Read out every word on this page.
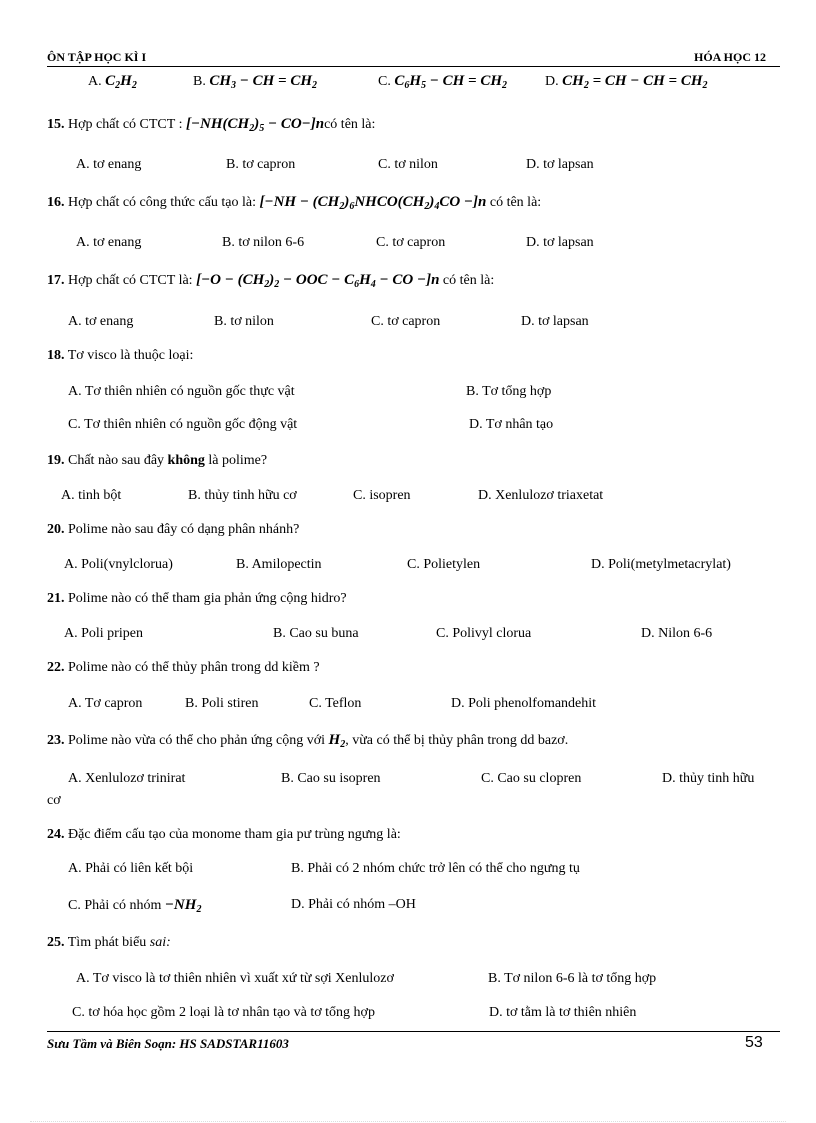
ÔN TẬP HỌC KÌ I	HÓA HỌC 12
A. $C_2H_2$	B. $CH_3$ − CH = $CH_2$	C. $C_6H_5$ − CH = $CH_2$	D. $CH_2$ = CH − CH = $CH_2$
15. Hợp chất có CTCT : [$-NH(CH_2)_5$ − CO−]ncó tên là:
A. tơ enang	B. tơ capron	C. tơ nilon	D. tơ lapsan
16. Hợp chất có công thức cấu tạo là: $[-NH - (CH_2)_6NHCO(CH_2)_4CO -]n$ có tên là:
A. tơ enang	B. tơ nilon 6-6	C. tơ capron	D. tơ lapsan
17. Hợp chất có CTCT là: [$-O - (CH_2)_2$ − OOC − $C_6H_4$ − CO −]n có tên là:
A. tơ enang	B. tơ nilon	C. tơ capron	D. tơ lapsan
18. Tơ visco là thuộc loại:
A. Tơ thiên nhiên có nguồn gốc thực vật	B. Tơ tổng hợp
C. Tơ thiên nhiên có nguồn gốc động vật	D. Tơ nhân tạo
19. Chất nào sau đây không là polime?
A. tinh bột	B. thủy tinh hữu cơ	C. isopren	D. Xenlulozơ triaxetat
20. Polime nào sau đây có dạng phân nhánh?
A. Poli(vnylclorua)	B. Amilopectin	C. Polietylen	D. Poli(metylmetacrylat)
21. Polime nào có thể tham gia phản ứng cộng hidro?
A. Poli pripen	B. Cao su buna	C. Polivyl clorua	D. Nilon 6-6
22. Polime nào có thể thủy phân trong dd kiềm ?
A. Tơ capron	B. Poli stiren	C. Teflon	D. Poli phenolfomandehit
23. Polime nào vừa có thể cho phản ứng cộng với $H_2$, vừa có thể bị thủy phân trong dd bazơ.
A. Xenlulozơ trinirat	B. Cao su isopren	C. Cao su clopren	D. thủy tinh hữu
cơ
24. Đặc điểm cấu tạo của monome tham gia pư trùng ngưng là:
A. Phải có liên kết bội	B. Phải có 2 nhóm chức trở lên có thể cho ngưng tụ
C. Phải có nhóm $-NH_2$	D. Phải có nhóm –OH
25. Tìm phát biểu sai:
A. Tơ visco là tơ thiên nhiên vì xuất xứ từ sợi Xenlulozơ	B. Tơ nilon 6-6 là tơ tổng hợp
C. tơ hóa học gồm 2 loại là tơ nhân tạo và tơ tổng hợp	D. tơ tằm là tơ thiên nhiên
Sưu Tầm và Biên Soạn: HS SADSTAR11603	53
